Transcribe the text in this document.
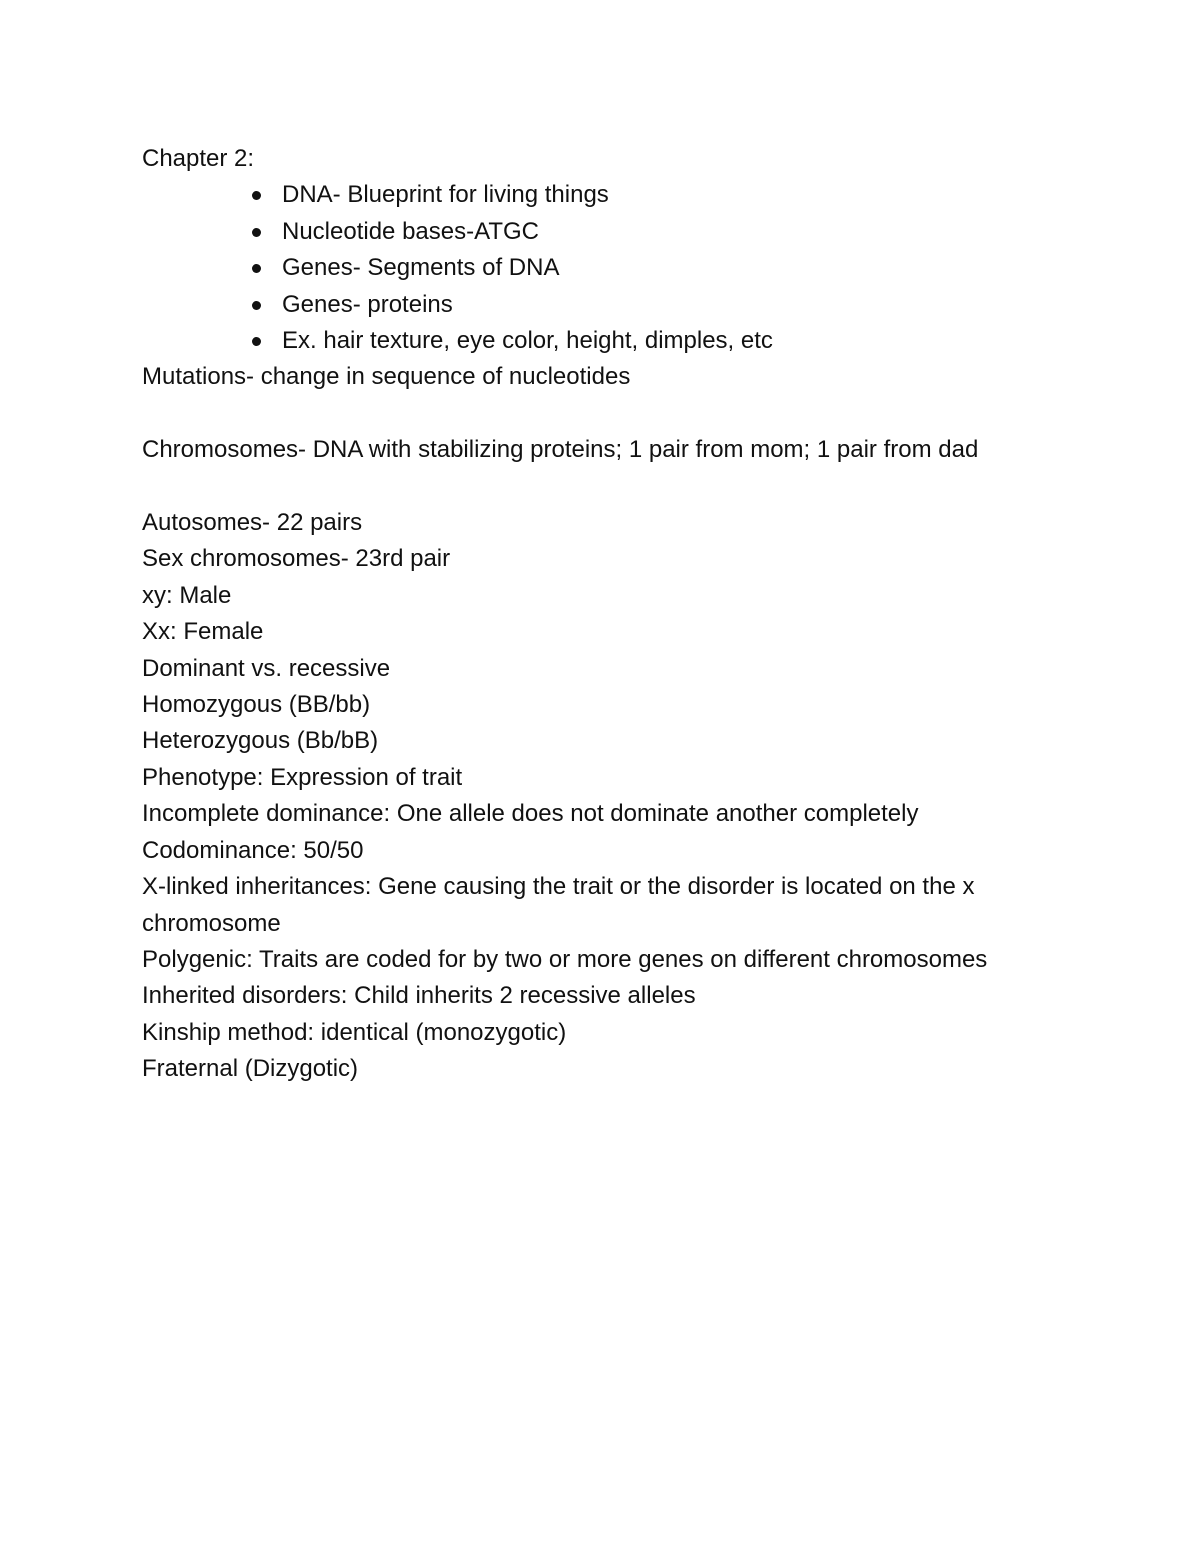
Chapter 2:

DNA- Blueprint for living things
Nucleotide bases-ATGC
Genes- Segments of DNA
Genes- proteins
Ex. hair texture, eye color, height, dimples, etc

Mutations- change in sequence of nucleotides

Chromosomes- DNA with stabilizing proteins; 1 pair from mom; 1 pair from dad

Autosomes- 22 pairs

Sex chromosomes- 23rd pair

xy: Male

Xx: Female

Dominant vs. recessive

Homozygous (BB/bb)

Heterozygous (Bb/bB)

Phenotype: Expression of trait

Incomplete dominance: One allele does not dominate another completely

Codominance: 50/50

X-linked inheritances: Gene causing the trait or the disorder is located on the x chromosome

Polygenic: Traits are coded for by two or more genes on different chromosomes

Inherited disorders: Child inherits 2 recessive alleles

Kinship method: identical (monozygotic)

Fraternal (Dizygotic)
